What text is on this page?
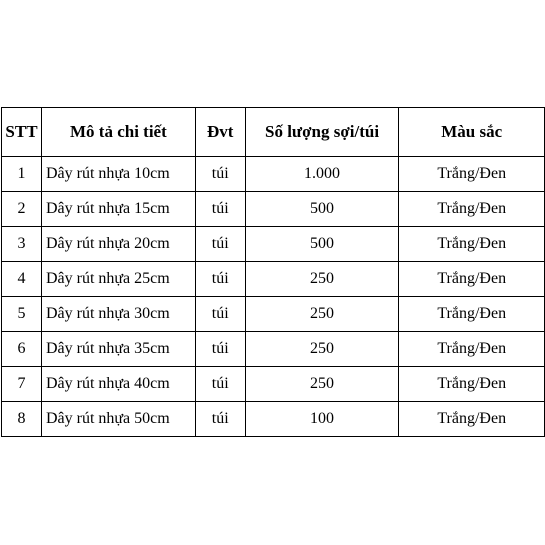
STT	Mô tả chi tiết	Đvt	Số lượng sợi/túi	Màu sắc
1	Dây rút nhựa 10cm	túi	1.000	Trắng/Đen
2	Dây rút nhựa 15cm	túi	500	Trắng/Đen
3	Dây rút nhựa 20cm	túi	500	Trắng/Đen
4	Dây rút nhựa 25cm	túi	250	Trắng/Đen
5	Dây rút nhựa 30cm	túi	250	Trắng/Đen
6	Dây rút nhựa 35cm	túi	250	Trắng/Đen
7	Dây rút nhựa 40cm	túi	250	Trắng/Đen
8	Dây rút nhựa 50cm	túi	100	Trắng/Đen
